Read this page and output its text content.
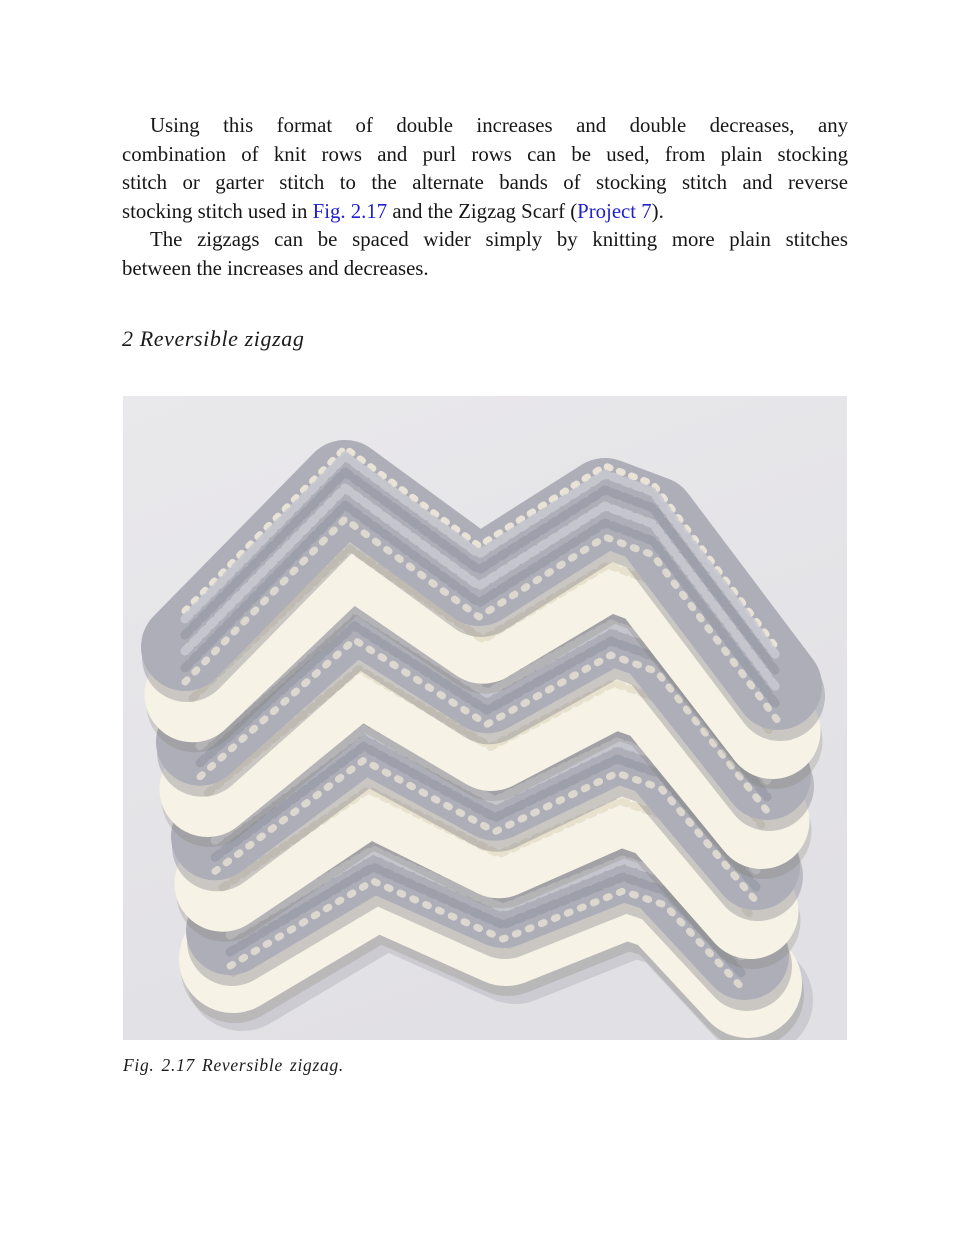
Using this format of double increases and double decreases, any
combination of knit rows and purl rows can be used, from plain stocking
stitch or garter stitch to the alternate bands of stocking stitch and reverse
stocking stitch used in Fig. 2.17 and the Zigzag Scarf (Project 7).
The zigzags can be spaced wider simply by knitting more plain stitches
between the increases and decreases.
2 Reversible zigzag
Fig. 2.17 Reversible zigzag.
